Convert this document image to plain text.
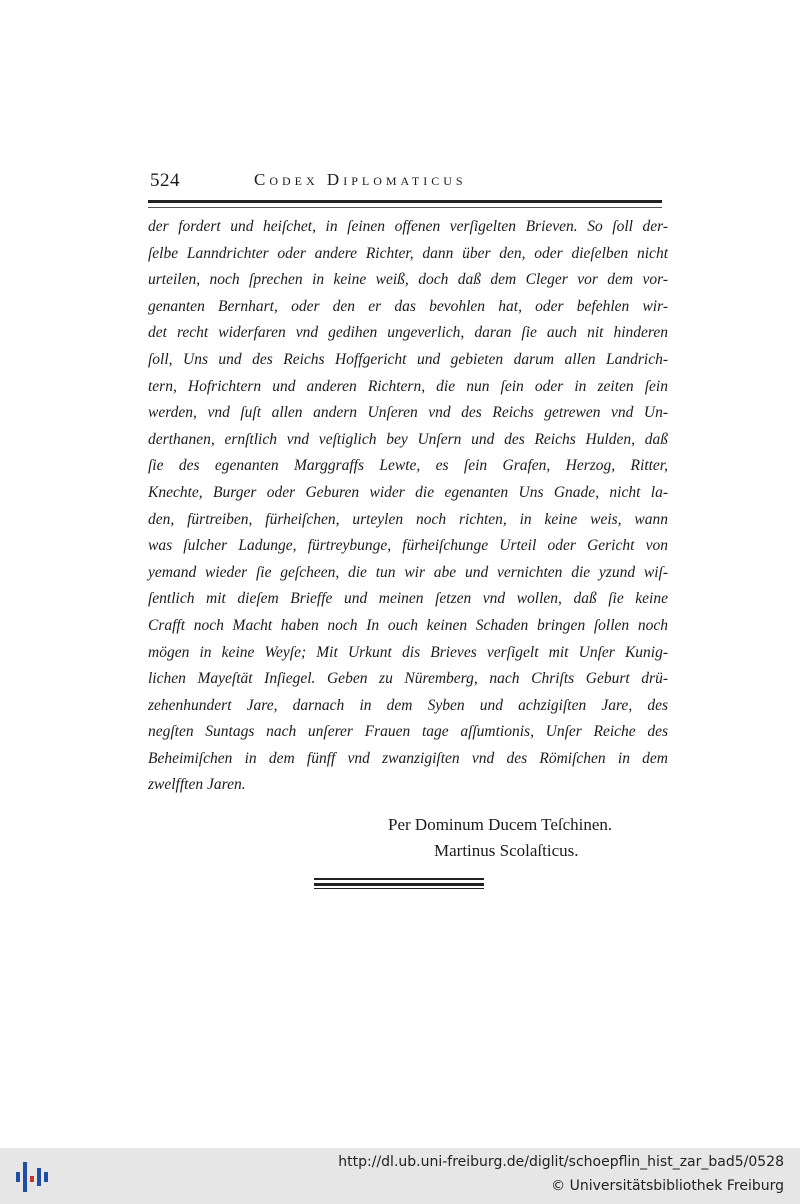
524	Codex Diplomaticus
der fordert und heiſchet, in ſeinen offenen verſigelten Brieven. So ſoll der-
ſelbe Lanndrichter oder andere Richter, dann über den, oder dieſelben nicht
urteilen, noch ſprechen in keine weiß, doch daß dem Cleger vor dem vor-
genanten Bernhart, oder den er das bevohlen hat, oder befehlen wir-
det recht widerfaren vnd gedihen ungeverlich, daran ſie auch nit hinderen
ſoll, Uns und des Reichs Hoffgericht und gebieten darum allen Landrich-
tern, Hofrichtern und anderen Richtern, die nun ſein oder in zeiten ſein
werden, vnd ſuſt allen andern Unſeren vnd des Reichs getrewen vnd Un-
derthanen, ernſtlich vnd veſtiglich bey Unſern und des Reichs Hulden, daß
ſie des egenanten Marggraffs Lewte, es ſein Grafen, Herzog, Ritter,
Knechte, Burger oder Geburen wider die egenanten Uns Gnade, nicht la-
den, fürtreiben, fürheiſchen, urteylen noch richten, in keine weis, wann
was ſulcher Ladunge, fürtreybunge, fürheiſchunge Urteil oder Gericht von
yemand wieder ſie geſcheen, die tun wir abe und vernichten die yzund wiſ-
ſentlich mit dieſem Brieffe und meinen ſetzen vnd wollen, daß ſie keine
Crafft noch Macht haben noch In ouch keinen Schaden bringen ſollen noch
mögen in keine Weyſe; Mit Urkunt dis Brieves verſigelt mit Unſer Kunig-
lichen Mayeſtät Inſiegel. Geben zu Nüremberg, nach Chriſts Geburt drü-
zehenhundert Jare, darnach in dem Syben und achzigiſten Jare, des
negſten Suntags nach unſerer Frauen tage aſſumtionis, Unſer Reiche des
Beheimiſchen in dem fünff vnd zwanzigiſten vnd des Römiſchen in dem
zwelfften Jaren.
Per Dominum Ducem Teſchinen.
Martinus Scolaſticus.
http://dl.ub.uni-freiburg.de/diglit/schoepflin_hist_zar_bad5/0528
© Universitätsbibliothek Freiburg
